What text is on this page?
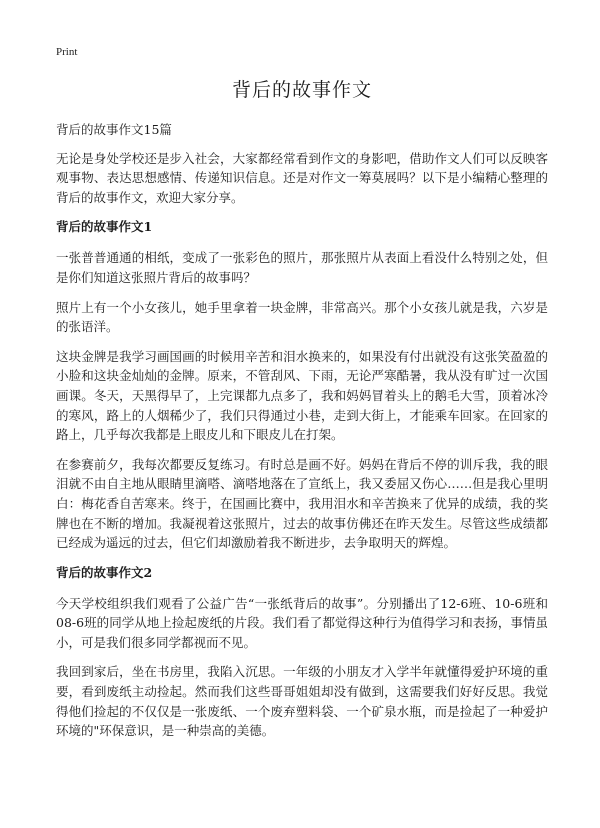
Print
背后的故事作文

背后的故事作文15篇

无论是身处学校还是步入社会，大家都经常看到作文的身影吧，借助作文人们可以反映客观事物、表达思想感情、传递知识信息。还是对作文一筹莫展吗？以下是小编精心整理的背后的故事作文，欢迎大家分享。

背后的故事作文1

一张普普通通的相纸，变成了一张彩色的照片，那张照片从表面上看没什么特别之处，但是你们知道这张照片背后的故事吗？

照片上有一个小女孩儿，她手里拿着一块金牌，非常高兴。那个小女孩儿就是我，六岁是的张语洋。

这块金牌是我学习画国画的时候用辛苦和泪水换来的，如果没有付出就没有这张笑盈盈的小脸和这块金灿灿的金牌。原来，不管刮风、下雨，无论严寒酷暑，我从没有旷过一次国画课。冬天，天黑得早了，上完课都九点多了，我和妈妈冒着头上的鹅毛大雪，顶着冰冷的寒风，路上的人烟稀少了，我们只得通过小巷，走到大街上，才能乘车回家。在回家的路上，几乎每次我都是上眼皮儿和下眼皮儿在打架。

在参赛前夕，我每次都要反复练习。有时总是画不好。妈妈在背后不停的训斥我，我的眼泪就不由自主地从眼睛里滴嗒、滴嗒地落在了宣纸上，我又委屈又伤心……但是我心里明白：梅花香自苦寒来。终于，在国画比赛中，我用泪水和辛苦换来了优异的成绩，我的奖牌也在不断的增加。我凝视着这张照片，过去的故事仿佛还在昨天发生。尽管这些成绩都已经成为遥远的过去，但它们却激励着我不断进步，去争取明天的辉煌。

背后的故事作文2

今天学校组织我们观看了公益广告“一张纸背后的故事”。分别播出了12-6班、10-6班和08-6班的同学从地上捡起废纸的片段。我们看了都觉得这种行为值得学习和表扬，事情虽小，可是我们很多同学都视而不见。

我回到家后，坐在书房里，我陷入沉思。一年级的小朋友才入学半年就懂得爱护环境的重要，看到废纸主动捡起。然而我们这些哥哥姐姐却没有做到，这需要我们好好反思。我觉得他们捡起的不仅仅是一张废纸、一个废弃塑料袋、一个矿泉水瓶，而是捡起了一种爱护环境的"环保意识，是一种崇高的美德。
